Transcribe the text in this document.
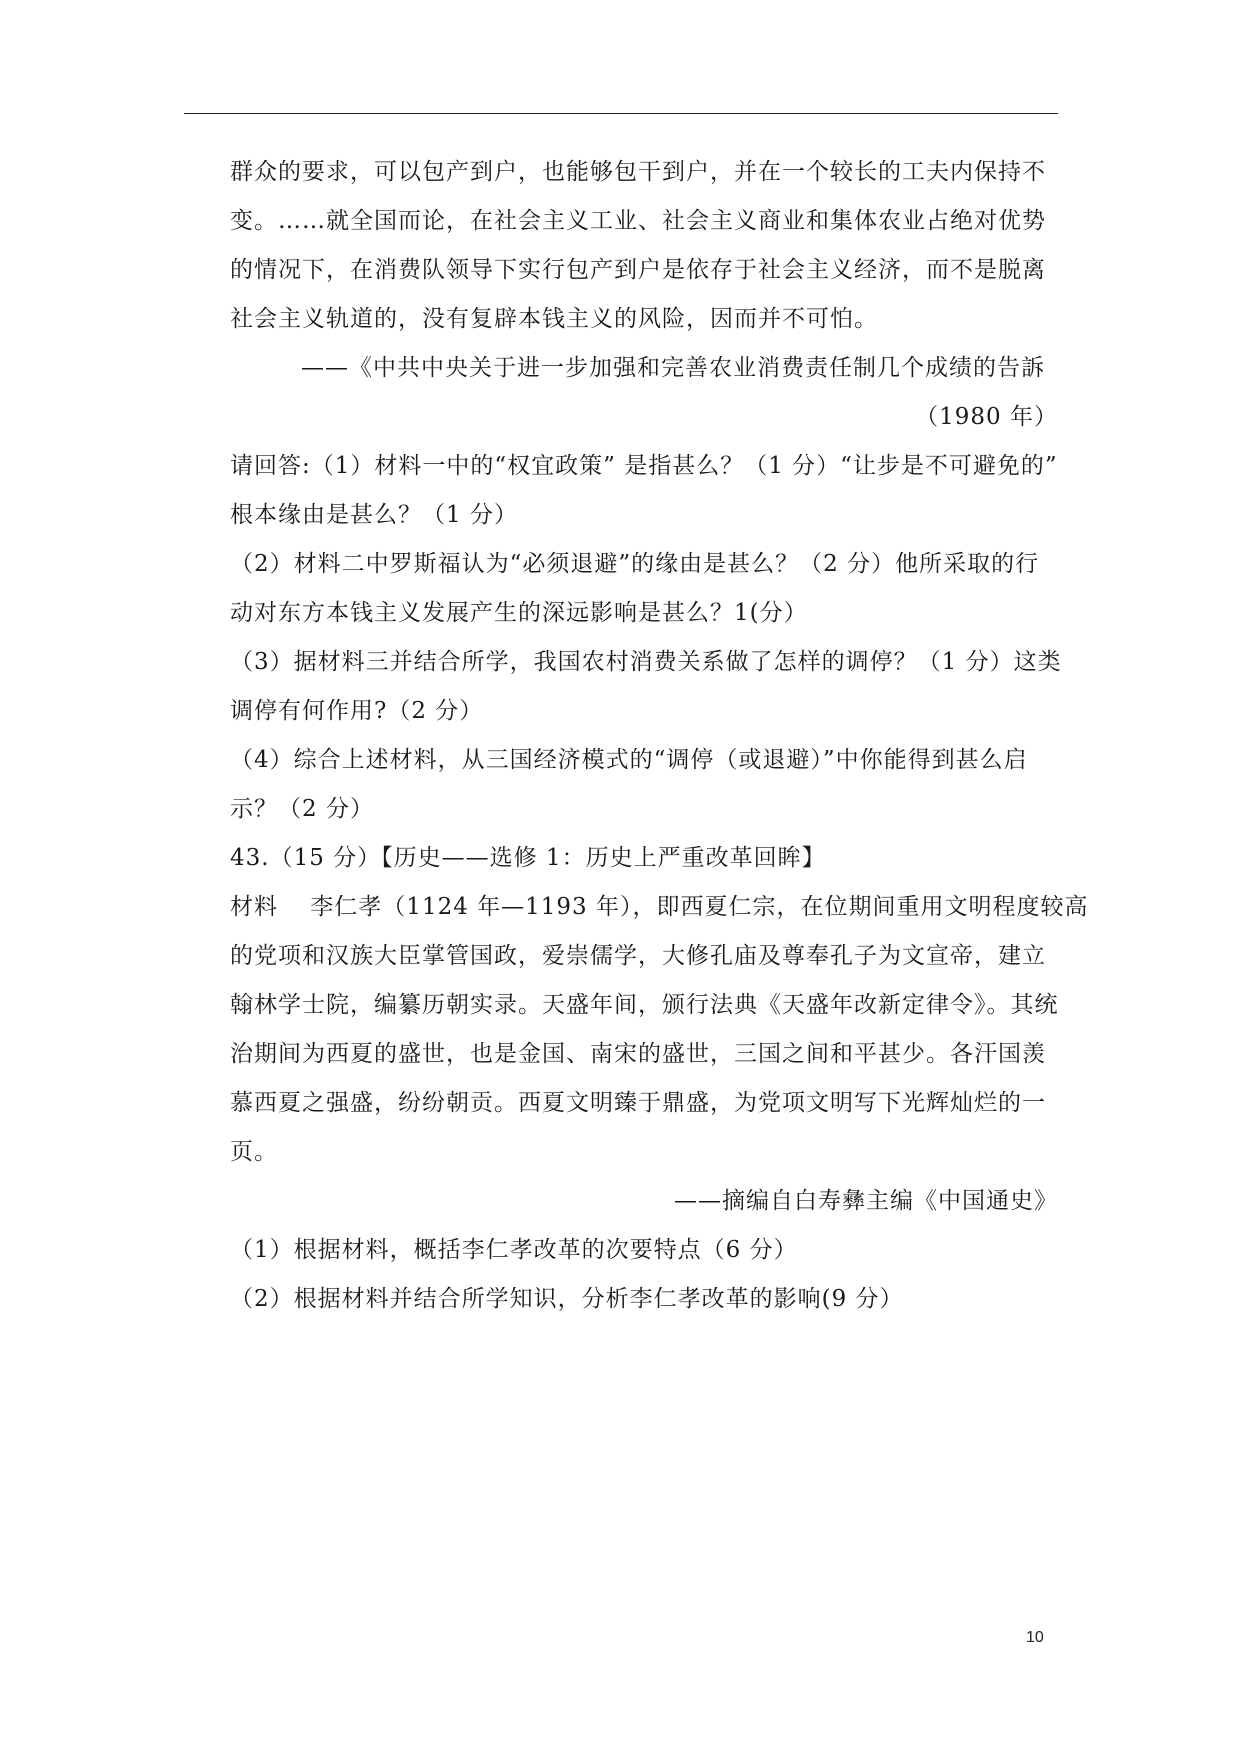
群众的要求，可以包产到户，也能够包干到户，并在一个较长的工夫内保持不
变。……就全国而论，在社会主义工业、社会主义商业和集体农业占绝对优势
的情况下，在消费队领导下实行包产到户是依存于社会主义经济，而不是脱离
社会主义轨道的，没有复辟本钱主义的风险，因而并不可怕。
——《中共中央关于进一步加强和完善农业消费责任制几个成绩的告訴
（1980 年）
请回答:（1）材料一中的“权宜政策” 是指甚么？（1 分）“让步是不可避免的”
根本缘由是甚么？（1 分）
（2）材料二中罗斯福认为“必须退避”的缘由是甚么？（2 分）他所采取的行
动对东方本钱主义发展产生的深远影响是甚么？1(分）
（3）据材料三并结合所学，我国农村消费关系做了怎样的调停？（1 分）这类
调停有何作用?（2 分）
（4）综合上述材料，从三国经济模式的“调停（或退避）”中你能得到甚么启
示？（2 分）
43.（15 分）【历史——选修 1：历史上严重改革回眸】
材料　 李仁孝（1124 年—1193 年），即西夏仁宗，在位期间重用文明程度较高
的党项和汉族大臣掌管国政，爱崇儒学，大修孔庙及尊奉孔子为文宣帝，建立
翰林学士院，编纂历朝实录。天盛年间，颁行法典《天盛年改新定律令》。其统
治期间为西夏的盛世，也是金国、南宋的盛世，三国之间和平甚少。各汗国羡
慕西夏之强盛，纷纷朝贡。西夏文明臻于鼎盛，为党项文明写下光辉灿烂的一
页。
——摘编自白寿彝主编《中国通史》
（1）根据材料，概括李仁孝改革的次要特点（6 分）
（2）根据材料并结合所学知识，分析李仁孝改革的影响(9 分）
10
